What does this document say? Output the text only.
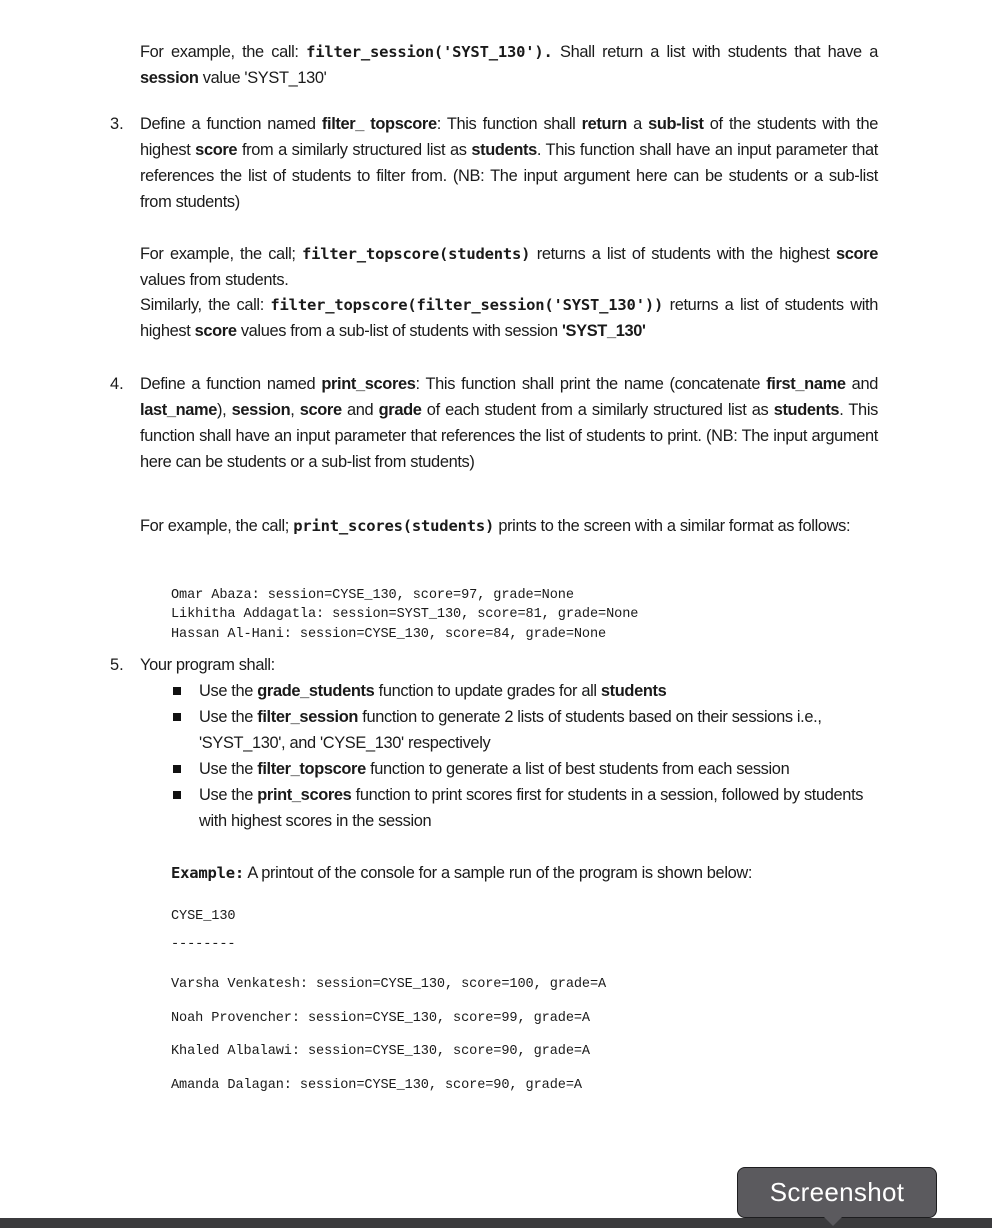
For example, the call: filter_session('SYST_130'). Shall return a list with students that have a session value 'SYST_130'
3. Define a function named filter_ topscore: This function shall return a sub-list of the students with the highest score from a similarly structured list as students. This function shall have an input parameter that references the list of students to filter from. (NB: The input argument here can be students or a sub-list from students)
For example, the call; filter_topscore(students) returns a list of students with the highest score values from students.
Similarly, the call: filter_topscore(filter_session('SYST_130')) returns a list of students with highest score values from a sub-list of students with session 'SYST_130'
4. Define a function named print_scores: This function shall print the name (concatenate first_name and last_name), session, score and grade of each student from a similarly structured list as students. This function shall have an input parameter that references the list of students to print. (NB: The input argument here can be students or a sub-list from students)
For example, the call; print_scores(students) prints to the screen with a similar format as follows:

Omar Abaza: session=CYSE_130, score=97, grade=None
Likhitha Addagatla: session=SYST_130, score=81, grade=None
Hassan Al-Hani: session=CYSE_130, score=84, grade=None
5. Your program shall:
Use the grade_students function to update grades for all students
Use the filter_session function to generate 2 lists of students based on their sessions i.e., 'SYST_130', and 'CYSE_130' respectively
Use the filter_topscore function to generate a list of best students from each session
Use the print_scores function to print scores first for students in a session, followed by students with highest scores in the session
Example: A printout of the console for a sample run of the program is shown below:
CYSE_130
--------
Varsha Venkatesh: session=CYSE_130, score=100, grade=A
Noah Provencher: session=CYSE_130, score=99, grade=A
Khaled Albalawi: session=CYSE_130, score=90, grade=A
Amanda Dalagan: session=CYSE_130, score=90, grade=A
Screenshot
